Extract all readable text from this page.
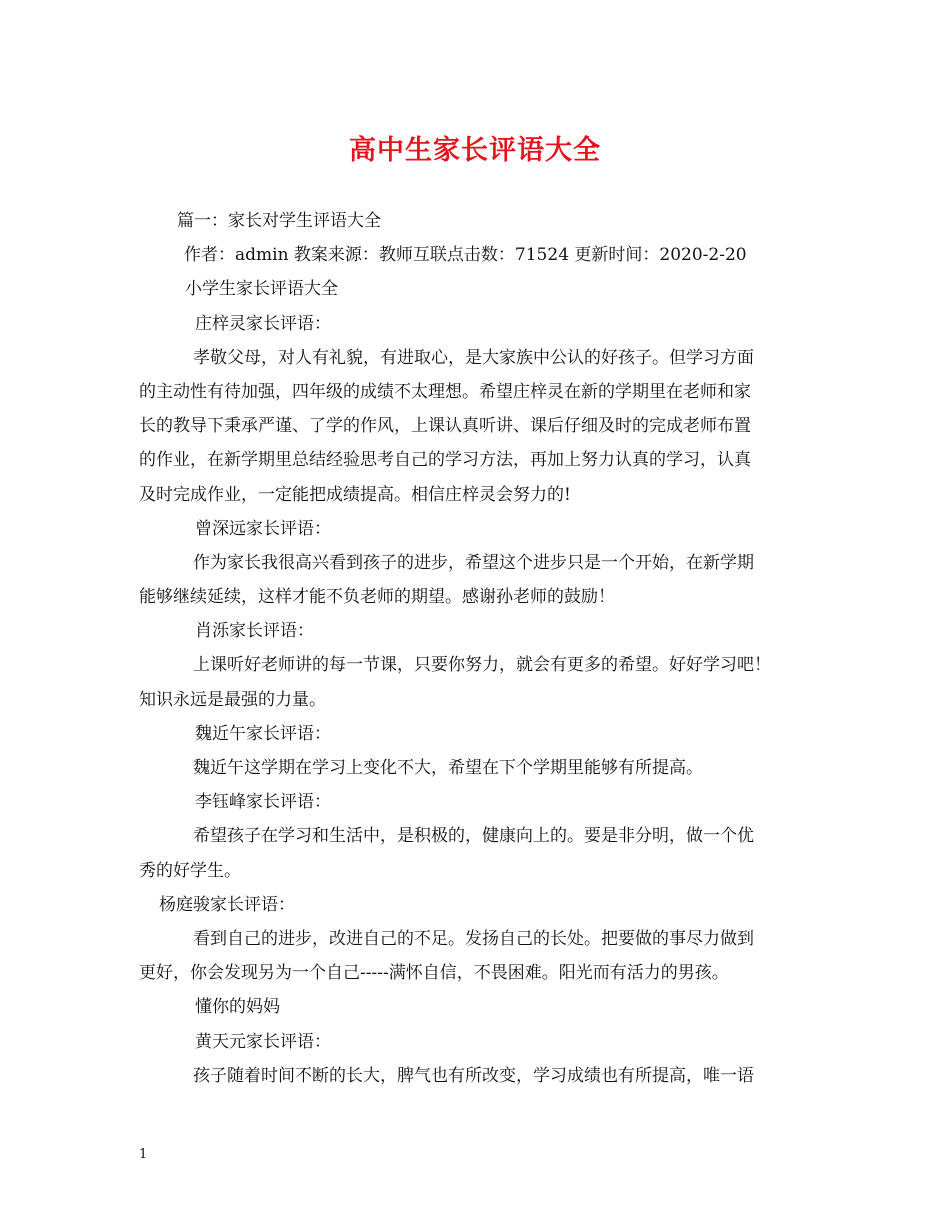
高中生家长评语大全
篇一：家长对学生评语大全
作者：admin 教案来源：教师互联点击数：71524 更新时间：2020-2-20
小学生家长评语大全
庄梓灵家长评语：
孝敬父母，对人有礼貌，有进取心，是大家族中公认的好孩子。但学习方面
的主动性有待加强，四年级的成绩不太理想。希望庄梓灵在新的学期里在老师和家
长的教导下秉承严谨、了学的作风，上课认真听讲、课后仔细及时的完成老师布置
的作业，在新学期里总结经验思考自己的学习方法，再加上努力认真的学习，认真
及时完成作业，一定能把成绩提高。相信庄梓灵会努力的!
曾深远家长评语：
作为家长我很高兴看到孩子的进步，希望这个进步只是一个开始，在新学期
能够继续延续，这样才能不负老师的期望。感谢孙老师的鼓励！
肖泺家长评语：
上课听好老师讲的每一节课，只要你努力，就会有更多的希望。好好学习吧！
知识永远是最强的力量。
魏近午家长评语：
魏近午这学期在学习上变化不大，希望在下个学期里能够有所提高。
李钰峰家长评语：
希望孩子在学习和生活中，是积极的，健康向上的。要是非分明，做一个优
秀的好学生。
杨庭骏家长评语：
看到自己的进步，改进自己的不足。发扬自己的长处。把要做的事尽力做到
更好，你会发现另为一个自己-----满怀自信，不畏困难。阳光而有活力的男孩。
懂你的妈妈
黄天元家长评语：
孩子随着时间不断的长大，脾气也有所改变，学习成绩也有所提高，唯一语
1
